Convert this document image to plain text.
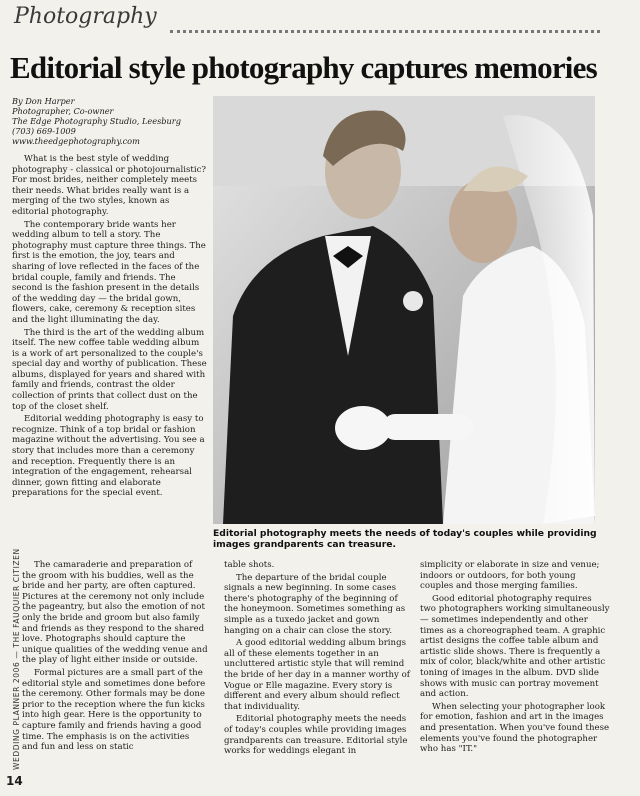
Photography
Editorial style photography captures memories
By Don Harper
Photographer, Co-owner
The Edge Photography Studio, Leesburg
(703) 669-1009
www.theedgephotography.com

What is the best style of wedding photography - classical or photojournalistic? For most brides, neither completely meets their needs. What brides really want is a merging of the two styles, known as editorial photography.

The contemporary bride wants her wedding album to tell a story. The photography must capture three things. The first is the emotion, the joy, tears and sharing of love reflected in the faces of the bridal couple, family and friends. The second is the fashion present in the details of the wedding day — the bridal gown, flowers, cake, ceremony & reception sites and the light illuminating the day.

The third is the art of the wedding album itself. The new coffee table wedding album is a work of art personalized to the couple's special day and worthy of publication. These albums, displayed for years and shared with family and friends, contrast the older collection of prints that collect dust on the top of the closet shelf.

Editorial wedding photography is easy to recognize. Think of a top bridal or fashion magazine without the advertising. You see a story that includes more than a ceremony and reception. Frequently there is an integration of the engagement, rehearsal dinner, gown fitting and elaborate preparations for the special event.

Editorial photography meets the needs of today's couples while providing images grandparents can treasure.

The camaraderie and preparation of the groom with his buddies, well as the bride and her party, are often captured. Pictures at the ceremony not only include the pageantry, but also the emotion of not only the bride and groom but also family and friends as they respond to the shared love. Photographs should capture the unique qualities of the wedding venue and the play of light either inside or outside.

Formal pictures are a small part of the editorial style and sometimes done before the ceremony. Other formals may be done prior to the reception where the fun kicks into high gear. Here is the opportunity to capture family and friends having a good time. The emphasis is on the activities and fun and less on static

table shots.

The departure of the bridal couple signals a new beginning. In some cases there's photography of the beginning of the honeymoon. Sometimes something as simple as a tuxedo jacket and gown hanging on a chair can close the story.

A good editorial wedding album brings all of these elements together in an uncluttered artistic style that will remind the bride of her day in a manner worthy of Vogue or Elle magazine. Every story is different and every album should reflect that individuality.

Editorial photography meets the needs of today's couples while providing images grandparents can treasure. Editorial style works for weddings elegant in

simplicity or elaborate in size and venue; indoors or outdoors, for both young couples and those merging families.

Good editorial photography requires two photographers working simultaneously — sometimes independently and other times as a choreographed team. A graphic artist designs the coffee table album and artistic slide shows. There is frequently a mix of color, black/white and other artistic toning of images in the album. DVD slide shows with music can portray movement and action.

When selecting your photographer look for emotion, fashion and art in the images and presentation. When you've found these elements you've found the photographer who has "IT."

WEDDING PLANNER 2006 — THE FAUQUIER CITIZEN
14
